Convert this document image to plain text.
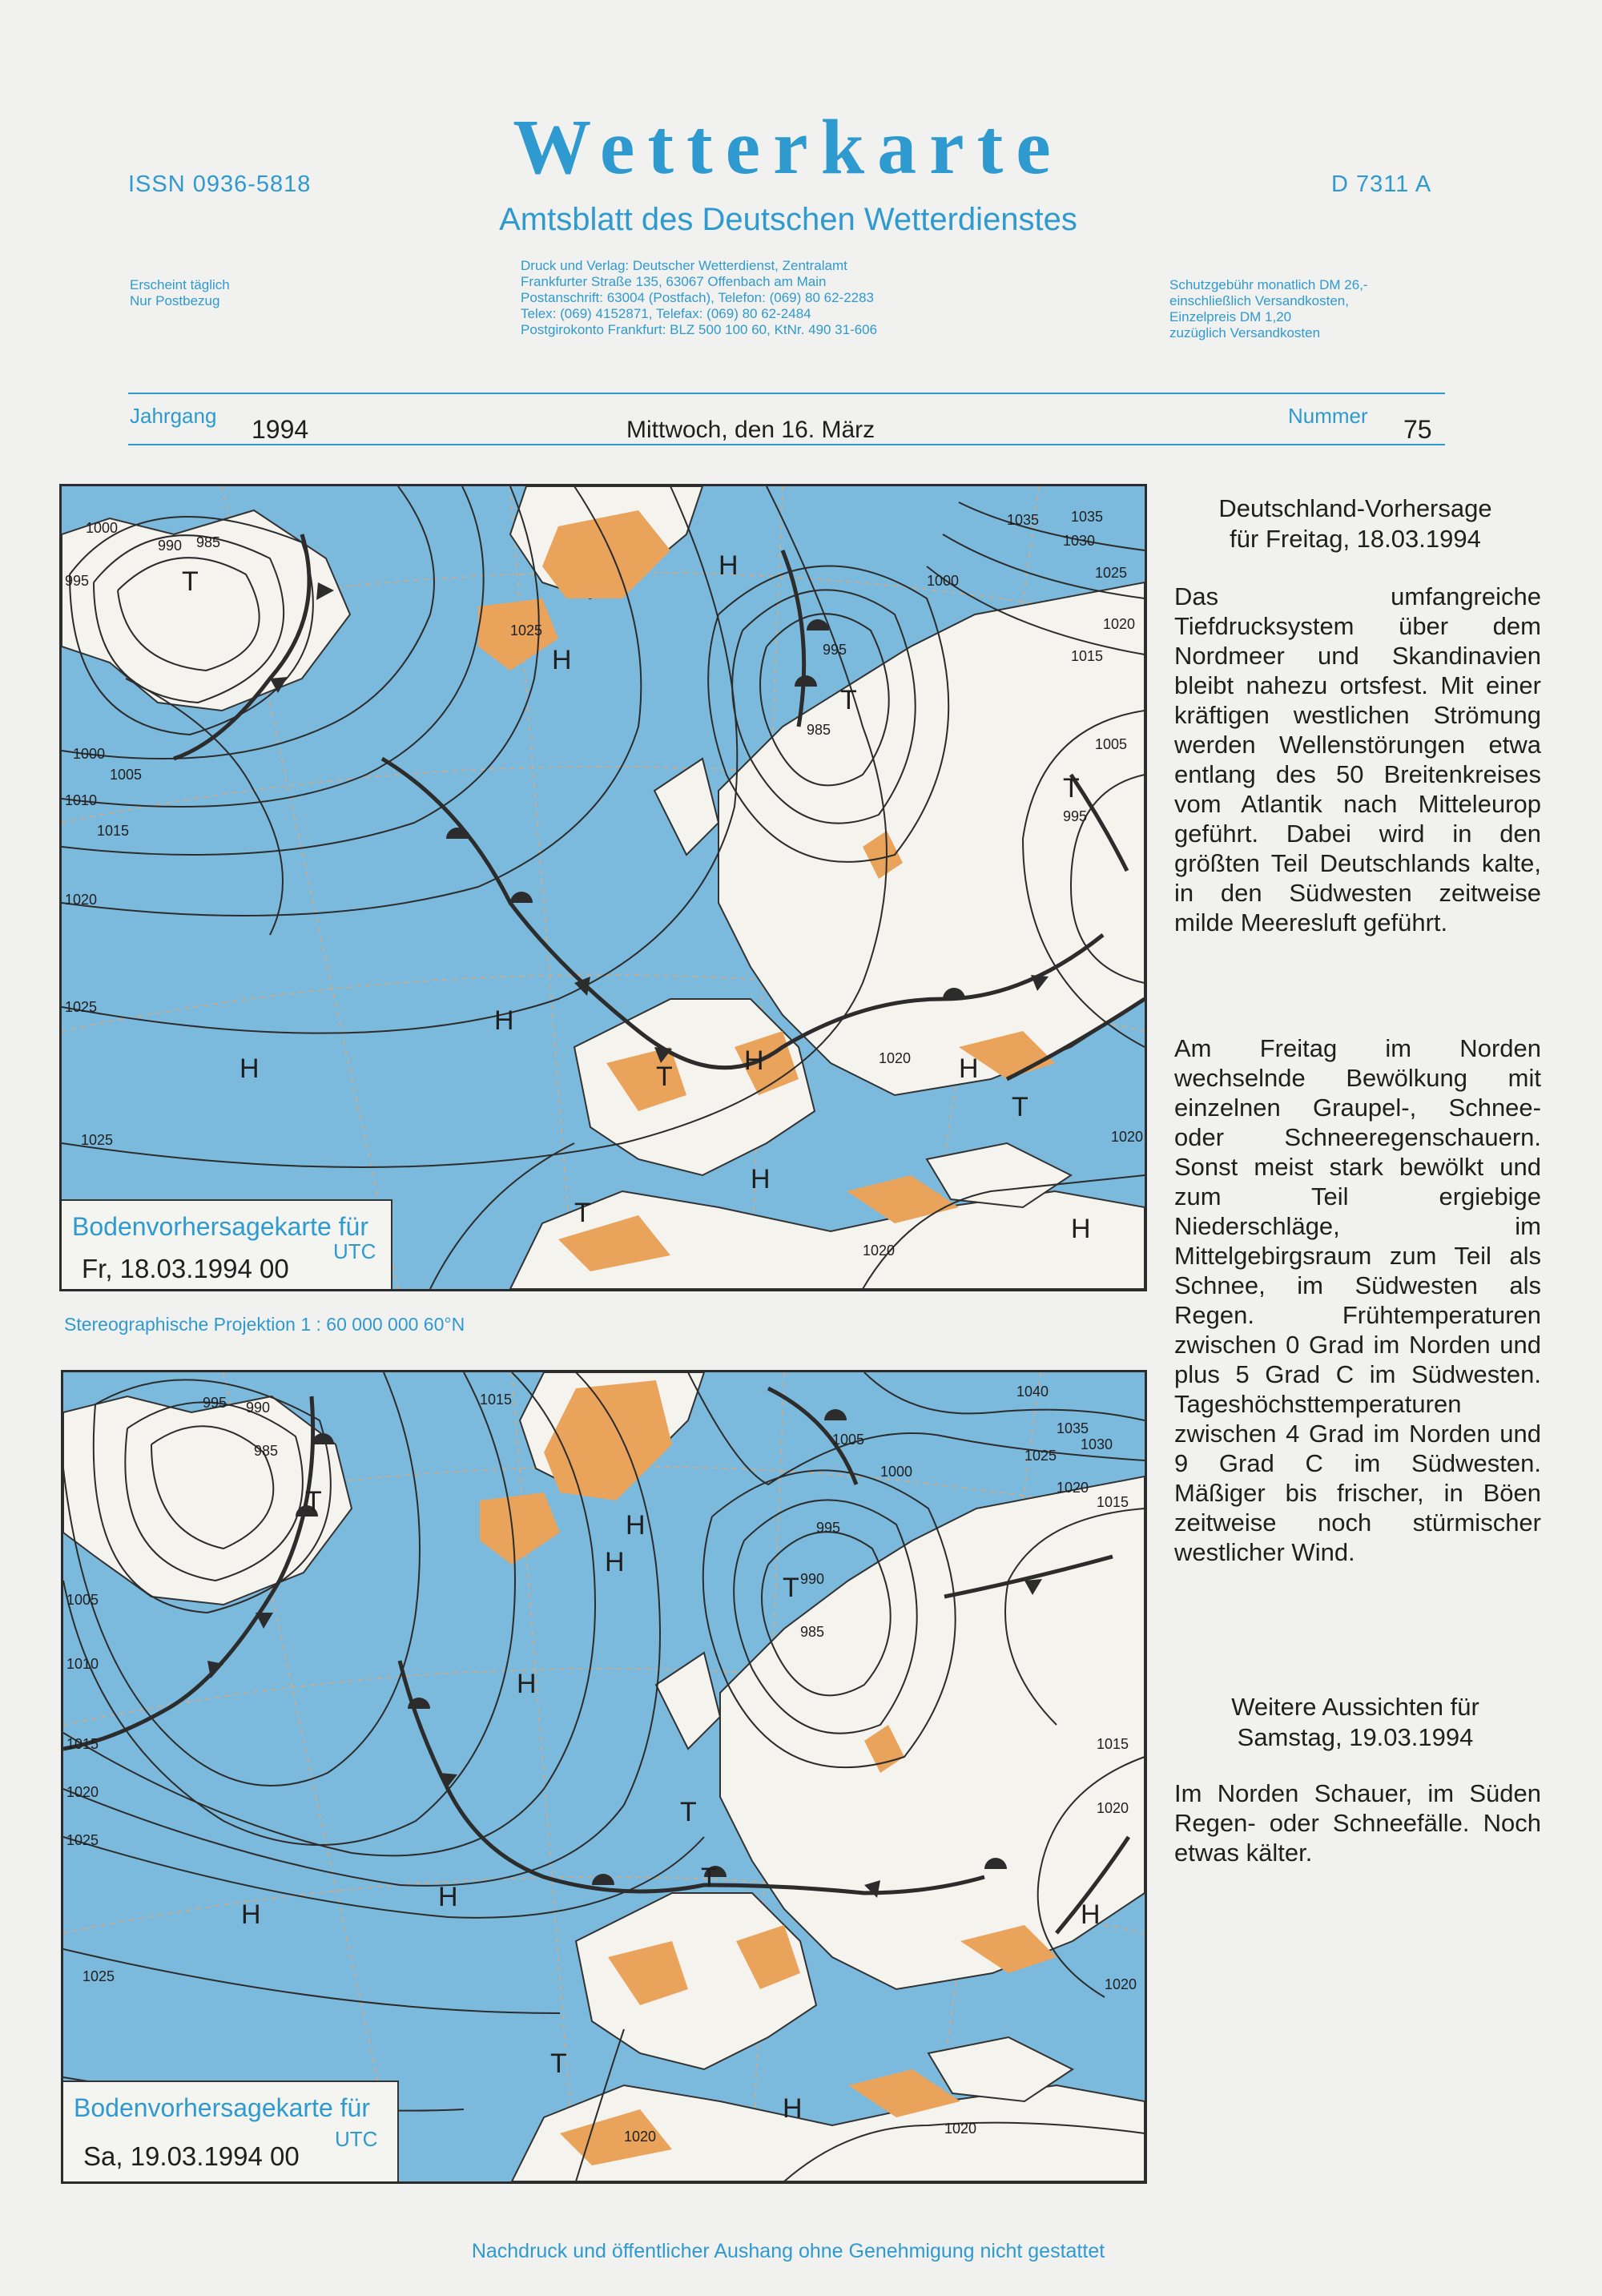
Wetterkarte
Amtsblatt des Deutschen Wetterdienstes
ISSN 0936-5818	D 7311 A
Erscheint täglich
Nur Postbezug
Druck und Verlag: Deutscher Wetterdienst, Zentralamt
Frankfurter Straße 135, 63067 Offenbach am Main
Postanschrift: 63004 (Postfach), Telefon: (069) 80 62-2283
Telex: (069) 4152871, Telefax: (069) 80 62-2484
Postgirokonto Frankfurt: BLZ 500 100 60, KtNr. 490 31-606
Schutzgebühr monatlich DM 26,-
einschließlich Versandkosten,
Einzelpreis DM 1,20
zuzüglich Versandkosten
Jahrgang 1994	Mittwoch, den 16. März
Nummer 75
T
H
H
T
T
H
H
T
H	H
T
H
T
H
1000
995
990 985
1000
1005
1010
1015
1020
1025
1025
1025
1035 1035
1030
1025
1020
1015
1005
995
1020
1020
1020
1000
995
985
Bodenvorhersagekarte für
Fr, 18.03.1994 00
UTC
Stereographische Projektion 1 : 60 000 000 60°N
T
H
H
T
H
T
T
H
H
H
T
H
995 990
985
1015
1005
1010
1015
1020
1025
1025
1005
1000
995
990
985
1040
1035
1030
1025
1020
1015
1015
1020
1020
1020
1020
Bodenvorhersagekarte für
Sa, 19.03.1994 00
UTC
Deutschland-Vorhersage
für Freitag, 18.03.1994
Das umfangreiche Tiefdrucksystem über dem Nordmeer und Skandinavien bleibt nahezu ortsfest. Mit einer kräftigen westlichen Strömung werden Wellenstörungen etwa entlang des 50 Breitenkreises vom Atlantik nach Mitteleurop geführt. Dabei wird in den größten Teil Deutschlands kalte, in den Südwesten zeitweise milde Meeresluft geführt.
Am Freitag im Norden wechselnde Bewölkung mit einzelnen Graupel-, Schnee- oder Schneeregenschauern. Sonst meist stark bewölkt und zum Teil ergiebige Niederschläge, im Mittelgebirgsraum zum Teil als Schnee, im Südwesten als Regen. Frühtemperaturen zwischen 0 Grad im Norden und plus 5 Grad C im Südwesten. Tageshöchsttemperaturen zwischen 4 Grad im Norden und 9 Grad C im Südwesten. Mäßiger bis frischer, in Böen zeitweise noch stürmischer westlicher Wind.
Weitere Aussichten für
Samstag, 19.03.1994
Im Norden Schauer, im Süden Regen- oder Schneefälle. Noch etwas kälter.
Nachdruck und öffentlicher Aushang ohne Genehmigung nicht gestattet
